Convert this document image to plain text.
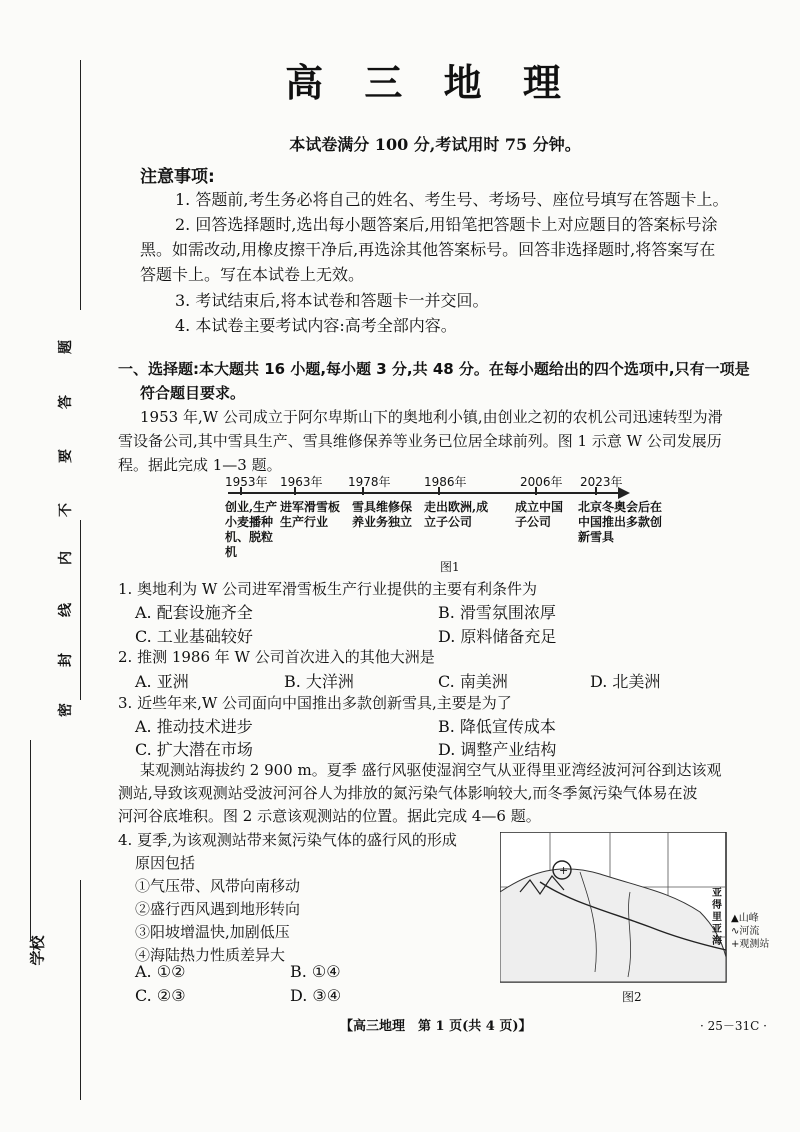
题
答
要
不
内
线
封
密
学校
高 三 地 理
本试卷满分 100 分,考试用时 75 分钟。
注意事项:
1. 答题前,考生务必将自己的姓名、考生号、考场号、座位号填写在答题卡上。
2. 回答选择题时,选出每小题答案后,用铅笔把答题卡上对应题目的答案标号涂
黑。如需改动,用橡皮擦干净后,再选涂其他答案标号。回答非选择题时,将答案写在
答题卡上。写在本试卷上无效。
3. 考试结束后,将本试卷和答题卡一并交回。
4. 本试卷主要考试内容:高考全部内容。
一、选择题:本大题共 16 小题,每小题 3 分,共 48 分。在每小题给出的四个选项中,只有一项是
符合题目要求。
1953 年,W 公司成立于阿尔卑斯山下的奥地利小镇,由创业之初的农机公司迅速转型为滑
雪设备公司,其中雪具生产、雪具维修保养等业务已位居全球前列。图 1 示意 W 公司发展历
程。据此完成 1—3 题。
1953年 1963年 1978年	1986年	2006年 2023年
创业,生产小麦播种机、脱粒机
进军滑雪板生产行业
雪具维修保养业务独立
走出欧洲,成立子公司
成立中国子公司
北京冬奥会后在中国推出多款创新雪具
图1
1. 奥地利为 W 公司进军滑雪板生产行业提供的主要有利条件为
A. 配套设施齐全	B. 滑雪氛围浓厚
C. 工业基础较好	D. 原料储备充足
2. 推测 1986 年 W 公司首次进入的其他大洲是
A. 亚洲	B. 大洋洲	C. 南美洲	D. 北美洲
3. 近些年来,W 公司面向中国推出多款创新雪具,主要是为了
A. 推动技术进步	B. 降低宣传成本
C. 扩大潜在市场	D. 调整产业结构
某观测站海拔约 2 900 m。夏季 盛行风驱使湿润空气从亚得里亚湾经波河河谷到达该观
测站,导致该观测站受波河河谷人为排放的氮污染气体影响较大,而冬季氮污染气体易在波
河河谷底堆积。图 2 示意该观测站的位置。据此完成 4—6 题。
4. 夏季,为该观测站带来氮污染气体的盛行风的形成
原因包括
①气压带、风带向南移动
②盛行西风遇到地形转向
③阳坡增温快,加剧低压
④海陆热力性质差异大
A. ①②	B. ①④
C. ②③	D. ③④
+
亚得里亚海
▲山峰
∿河流
+观测站
图2
【高三地理　第 1 页(共 4 页)】	· 25－31C ·
